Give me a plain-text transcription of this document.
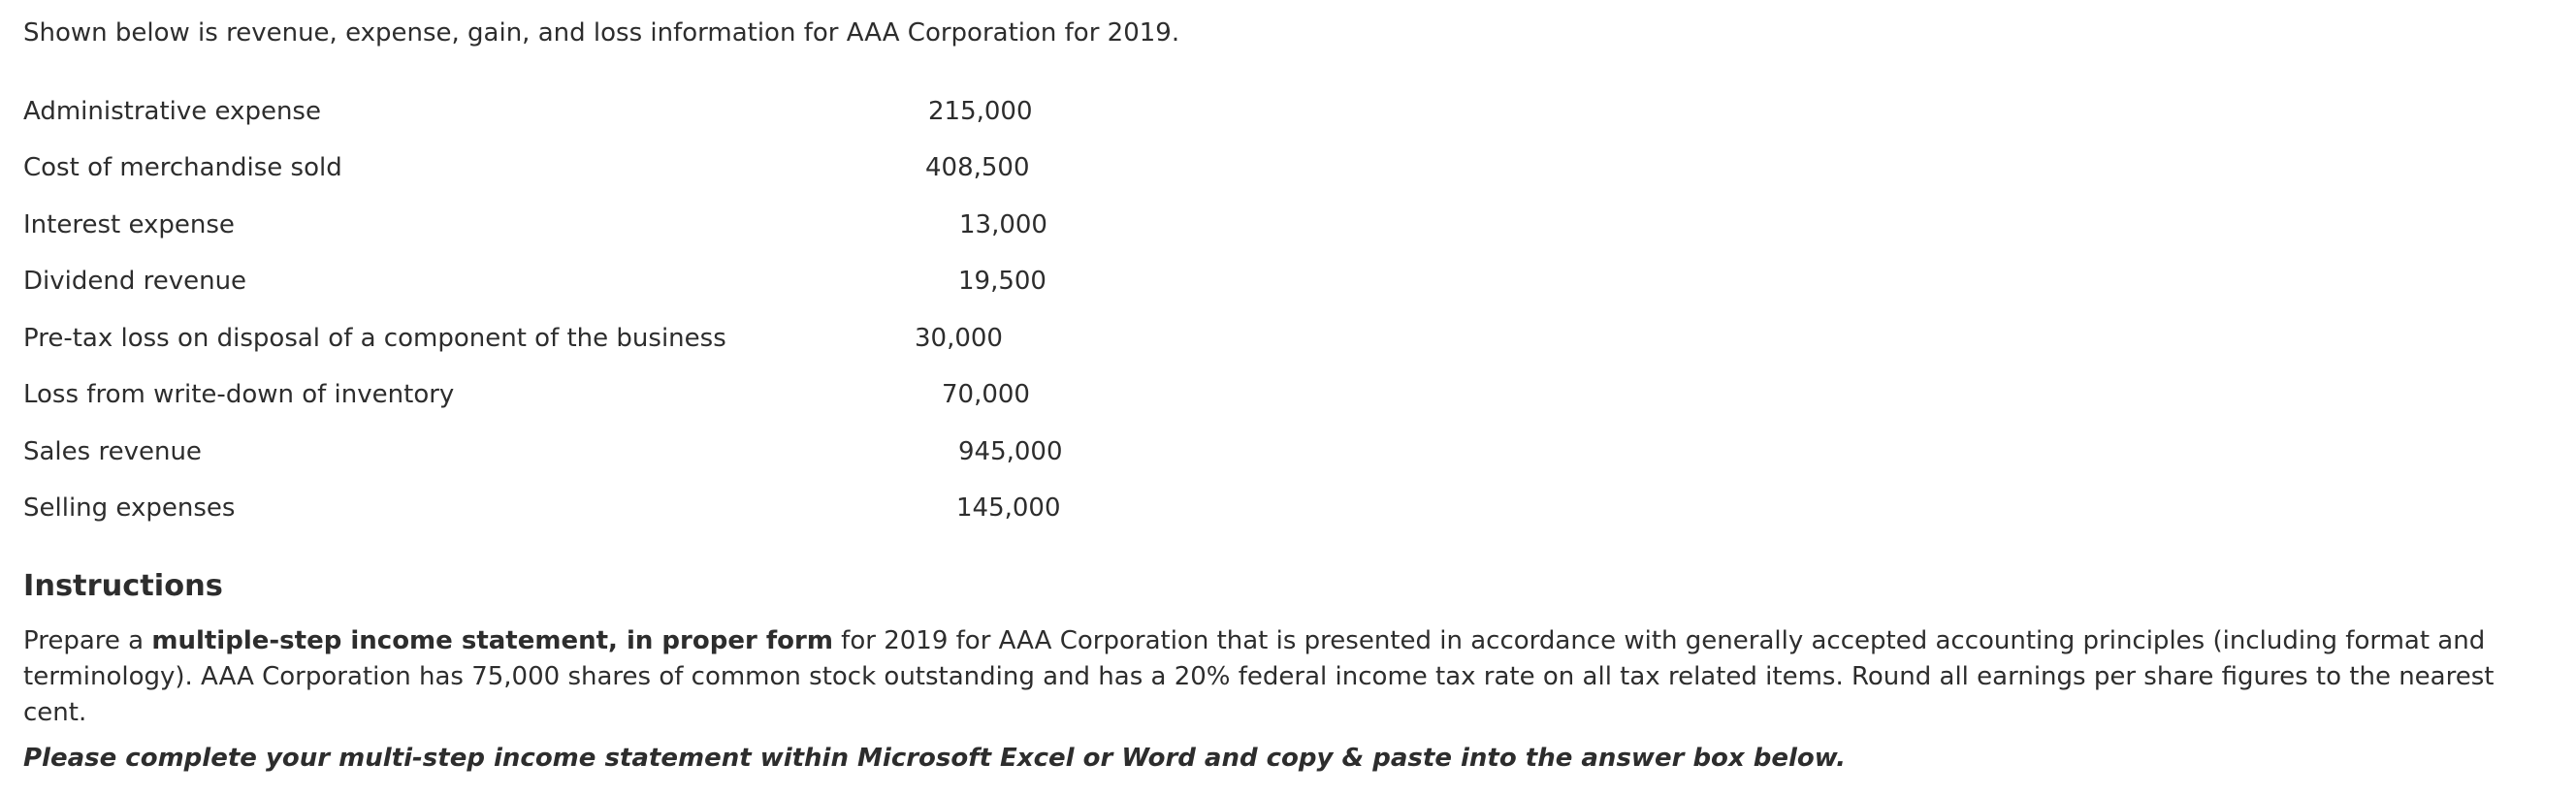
Shown below is revenue, expense, gain, and loss information for AAA Corporation for 2019.

Administrative expense	215,000
Cost of merchandise sold	408,500
Interest expense	13,000
Dividend revenue	19,500
Pre-tax loss on disposal of a component of the business	30,000
Loss from write-down of inventory	70,000
Sales revenue	945,000
Selling expenses	145,000
Instructions

Prepare a multiple-step income statement, in proper form for 2019 for AAA Corporation that is presented in accordance with generally accepted accounting principles (including format and terminology). AAA Corporation has 75,000 shares of common stock outstanding and has a 20% federal income tax rate on all tax related items. Round all earnings per share figures to the nearest cent.

Please complete your multi-step income statement within Microsoft Excel or Word and copy & paste into the answer box below.
